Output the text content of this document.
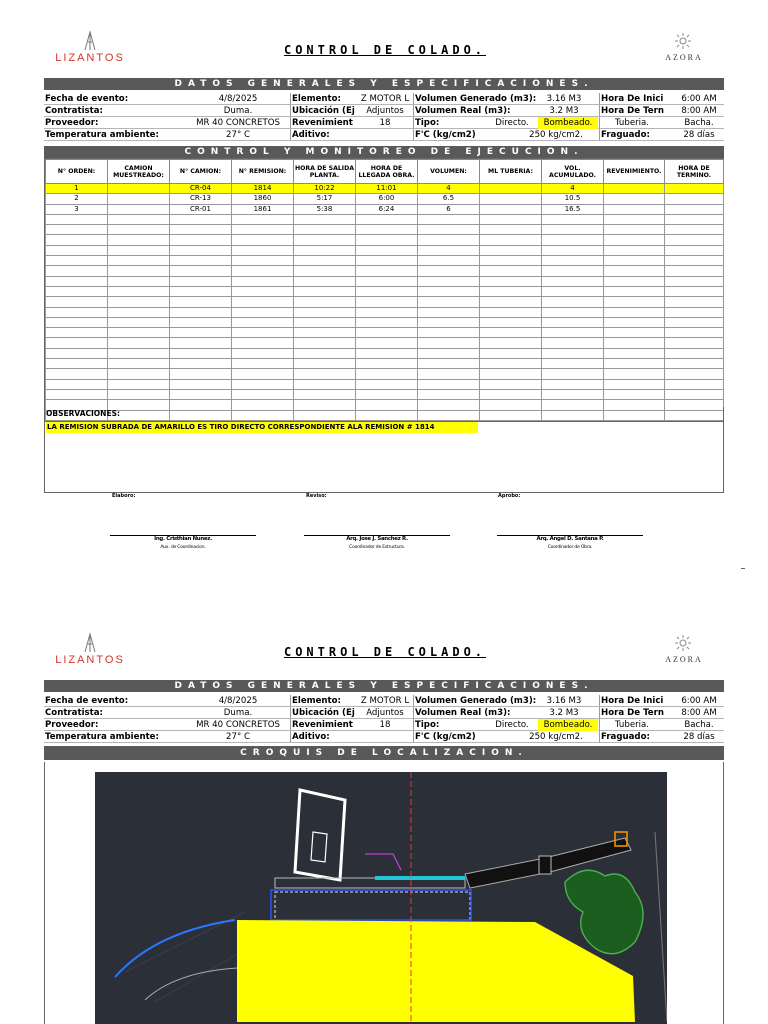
LIZANTOS
CONTROL DE COLADO.
AZORA
DATOS GENERALES Y ESPECIFICACIONES.
Fecha de evento:	4/8/2025	Elemento:	Z MOTOR L Volumen Generado (m3):	3.16 M3	Hora De Inici	6:00 AM
Contratista:	Duma.	Ubicación (Ej	Adjuntos	Volumen Real (m3):	3.2 M3	Hora De Tern	8:00 AM
Proveedor:	MR 40 CONCRETOS	Revenimient	18	Tipo:	Directo.	Bombeado.	Tuberia.	Bacha.
Temperatura ambiente:	27° C	Aditivo:	F'C (kg/cm2)	250 kg/cm2.	Fraguado:	28 días
CONTROL Y MONITOREO DE EJECUCION.
N° ORDEN:	CAMION MUESTREADO:	N° CAMION:	N° REMISION:	HORA DE SALIDA PLANTA.	HORA DE LLEGADA OBRA.	VOLUMEN:	ML TUBERIA:	VOL. ACUMULADO.	REVENIMIENTO.	HORA DE TERMINO.
1		CR-04	1814	10:22	11:01	4		4		
2		CR-13	1860	5:17	6:00	6.5		10.5		
3		CR-01	1861	5:38	6:24	6		16.5		

OBSERVACIONES:
LA REMISION SUBRADA DE AMARILLO ES TIRO DIRECTO CORRESPONDIENTE ALA REMISION # 1814
Elaboro:	Reviso:	Aprobo:
Ing. Cristhian Nunez.	Arq. Jose J. Sanchez R.	Arq. Angel D. Santana P.
Aux. de Coordinacion.	Coordinador de Estructura.	Coordinador de Obra.
LIZANTOS
CONTROL DE COLADO.
AZORA
DATOS GENERALES Y ESPECIFICACIONES.
Fecha de evento:	4/8/2025	Elemento:	Z MOTOR L Volumen Generado (m3):	3.16 M3	Hora De Inici	6:00 AM
Contratista:	Duma.	Ubicación (Ej	Adjuntos	Volumen Real (m3):	3.2 M3	Hora De Tern	8:00 AM
Proveedor:	MR 40 CONCRETOS	Revenimient	18	Tipo:	Directo.	Bombeado.	Tuberia.	Bacha.
Temperatura ambiente:	27° C	Aditivo:	F'C (kg/cm2)	250 kg/cm2.	Fraguado:	28 días
CROQUIS DE LOCALIZACION.
